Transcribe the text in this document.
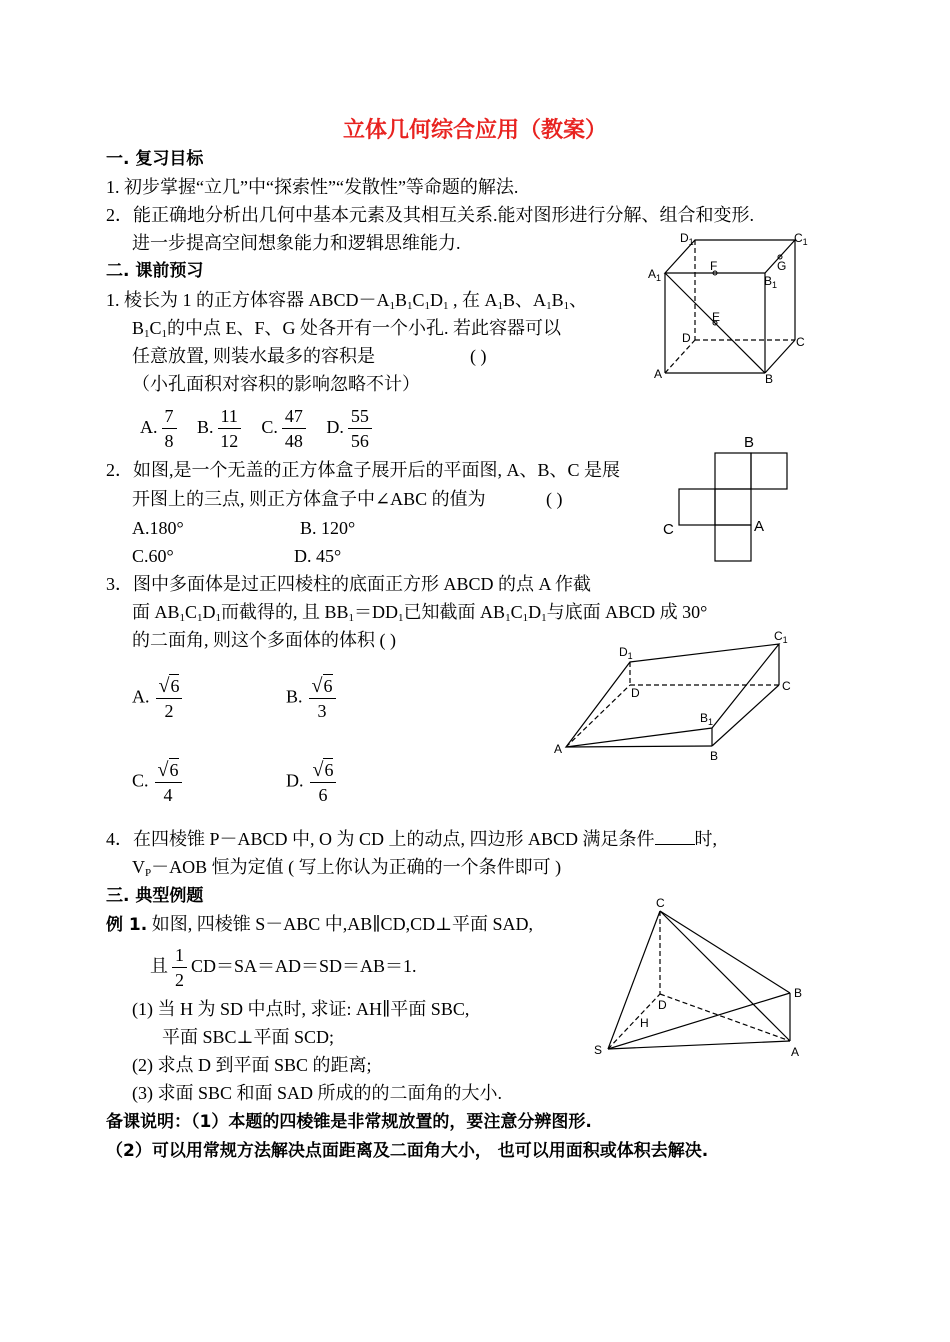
立体几何综合应用（教案）
一. 复习目标
1. 初步掌握“立几”中“探索性”“发散性”等命题的解法.
2．能正确地分析出几何中基本元素及其相互关系.能对图形进行分解、组合和变形.
进一步提高空间想象能力和逻辑思维能力.
二. 课前预习
1. 棱长为 1 的正方体容器 $ABCD-A_1B_1C_1D_1$ , 在 $A_1B$、$A_1B_1$、
$B_1C_1$的中点 E、F、G 处各开有一个小孔. 若此容器可以
任意放置, 则装水最多的容积是	( )
（小孔面积对容积的影响忽略不计）
A. $\frac{7}{8} B$. $\frac{11}{12} C$. $\frac{47}{48} D$. $\frac{55}{56}$
$D_1$	$C_1$
$A_1$	$B_1$
F	G
E
D	C
A	B
2．如图,是一个无盖的正方体盒子展开后的平面图, A、B、C 是展
开图上的三点, 则正方体盒子中∠ABC 的值为	( )
A.180°	B. 120°
C.60°	D. 45°
B
C	A
3．图中多面体是过正四棱柱的底面正方形 ABCD 的点 A 作截
面 $AB_1C_1D_1$而截得的, 且 $BB_1=DD_1$已知截面 $AB_1C_1D_1$与底面 ABCD 成 30°
的二面角, 则这个多面体的体积 ( )
A. $\frac{√6}{2}$	B. $\frac{√6}{3}$
C. $\frac{√6}{4}$	D. $\frac{√6}{6}$
$D_1$
$C_1$
D	C
$B_1$
A	B
4．在四棱锥 P－ABCD 中, O 为 CD 上的动点, 四边形 ABCD 满足条件 时,
$V_P-AOB$ 恒为定值 ( 写上你认为正确的一个条件即可 )
三. 典型例题
例 1. 如图, 四棱锥 S－ABC 中,AB∥CD,CD⊥平面 SAD,
且 $\frac{1}{2} CD=SA=AD=SD=AB=1$.
(1) 当 H 为 SD 中点时, 求证: AH∥平面 SBC,
平面 SBC⊥平面 SCD;
(2) 求点 D 到平面 SBC 的距离;
(3) 求面 SBC 和面 SAD 所成的的二面角的大小.
备课说明：（1）本题的四棱锥是非常规放置的，要注意分辨图形.
（2）可以用常规方法解决点面距离及二面角大小， 也可以用面积或体积去解决.
C
B
D
H
S	A
